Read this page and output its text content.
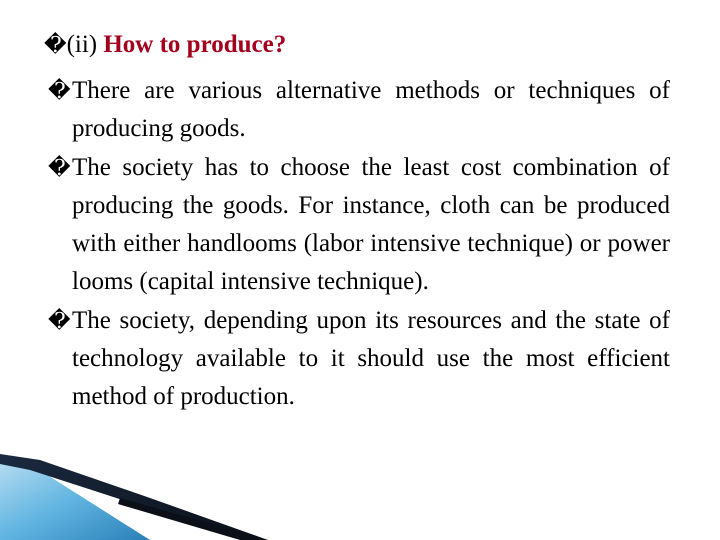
�(ii) How to produce?
� There are various alternative methods or techniques of producing goods.
� The society has to choose the least cost combination of producing the goods. For instance, cloth can be produced with either handlooms (labor intensive technique) or power looms (capital intensive technique).
� The society, depending upon its resources and the state of technology available to it should use the most efficient method of production.
